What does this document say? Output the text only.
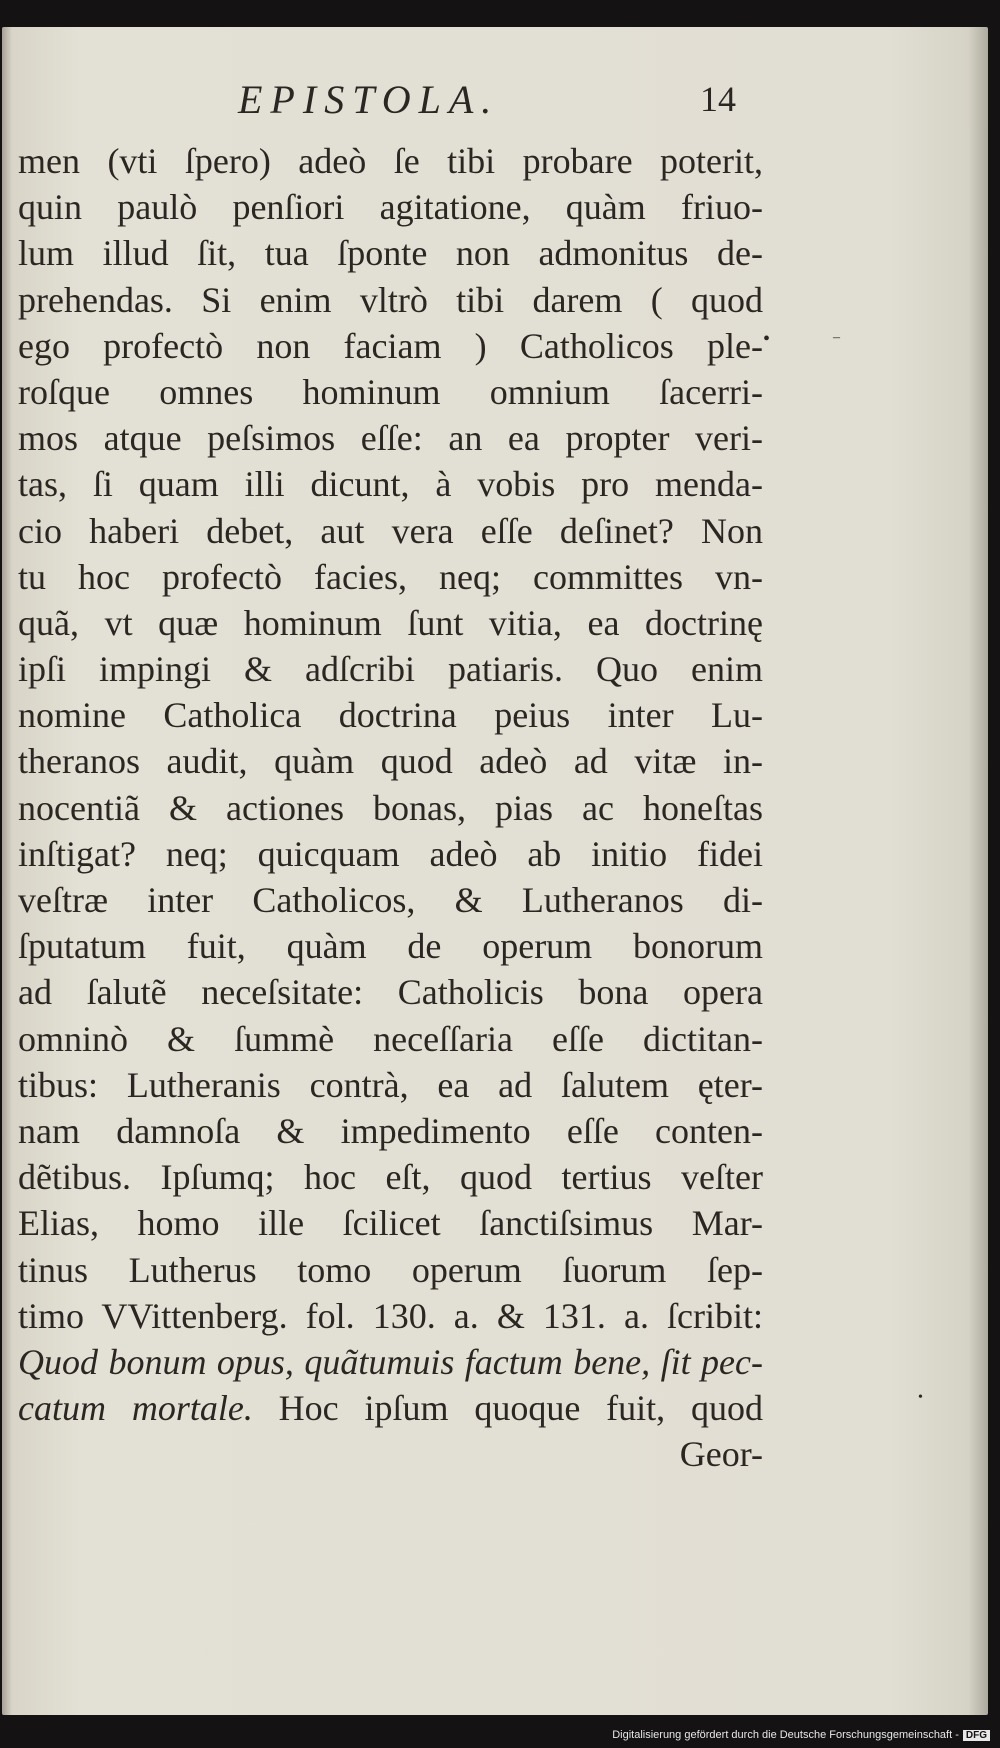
EPISTOLA.	14
men (vti ſpero) adeò ſe tibi probare poterit,
quin paulò penſiori agitatione, quàm friuo-
lum illud ſit, tua ſponte non admonitus de-
prehendas. Si enim vltrò tibi darem ( quod
ego profectò non faciam ) Catholicos ple-
roſque omnes hominum omnium ſacerri-
mos atque peſsimos eſſe: an ea propter veri-
tas, ſi quam illi dicunt, à vobis pro menda-
cio haberi debet, aut vera eſſe deſinet? Non
tu hoc profectò facies, neq; committes vn-
quã, vt quæ hominum ſunt vitia, ea doctrinę
ipſi impingi & adſcribi patiaris. Quo enim
nomine Catholica doctrina peius inter Lu-
theranos audit, quàm quod adeò ad vitæ in-
nocentiã & actiones bonas, pias ac honeſtas
inſtigat? neq; quicquam adeò ab initio fidei
veſtræ inter Catholicos, & Lutheranos di-
ſputatum fuit, quàm de operum bonorum
ad ſalutẽ neceſsitate: Catholicis bona opera
omninò & ſummè neceſſaria eſſe dictitan-
tibus: Lutheranis contrà, ea ad ſalutem ęter-
nam damnoſa & impedimento eſſe conten-
dẽtibus. Ipſumq; hoc eſt, quod tertius veſter
Elias, homo ille ſcilicet ſanctiſsimus Mar-
tinus Lutherus tomo operum ſuorum ſep-
timo VVittenberg. fol. 130. a. & 131. a. ſcribit:
Quod bonum opus, quãtumuis factum bene, ſit pec-
catum mortale. Hoc ipſum quoque fuit, quod
Geor-
•	–
•
Digitalisierung gefördert durch die Deutsche Forschungsgemeinschaft - DFG
